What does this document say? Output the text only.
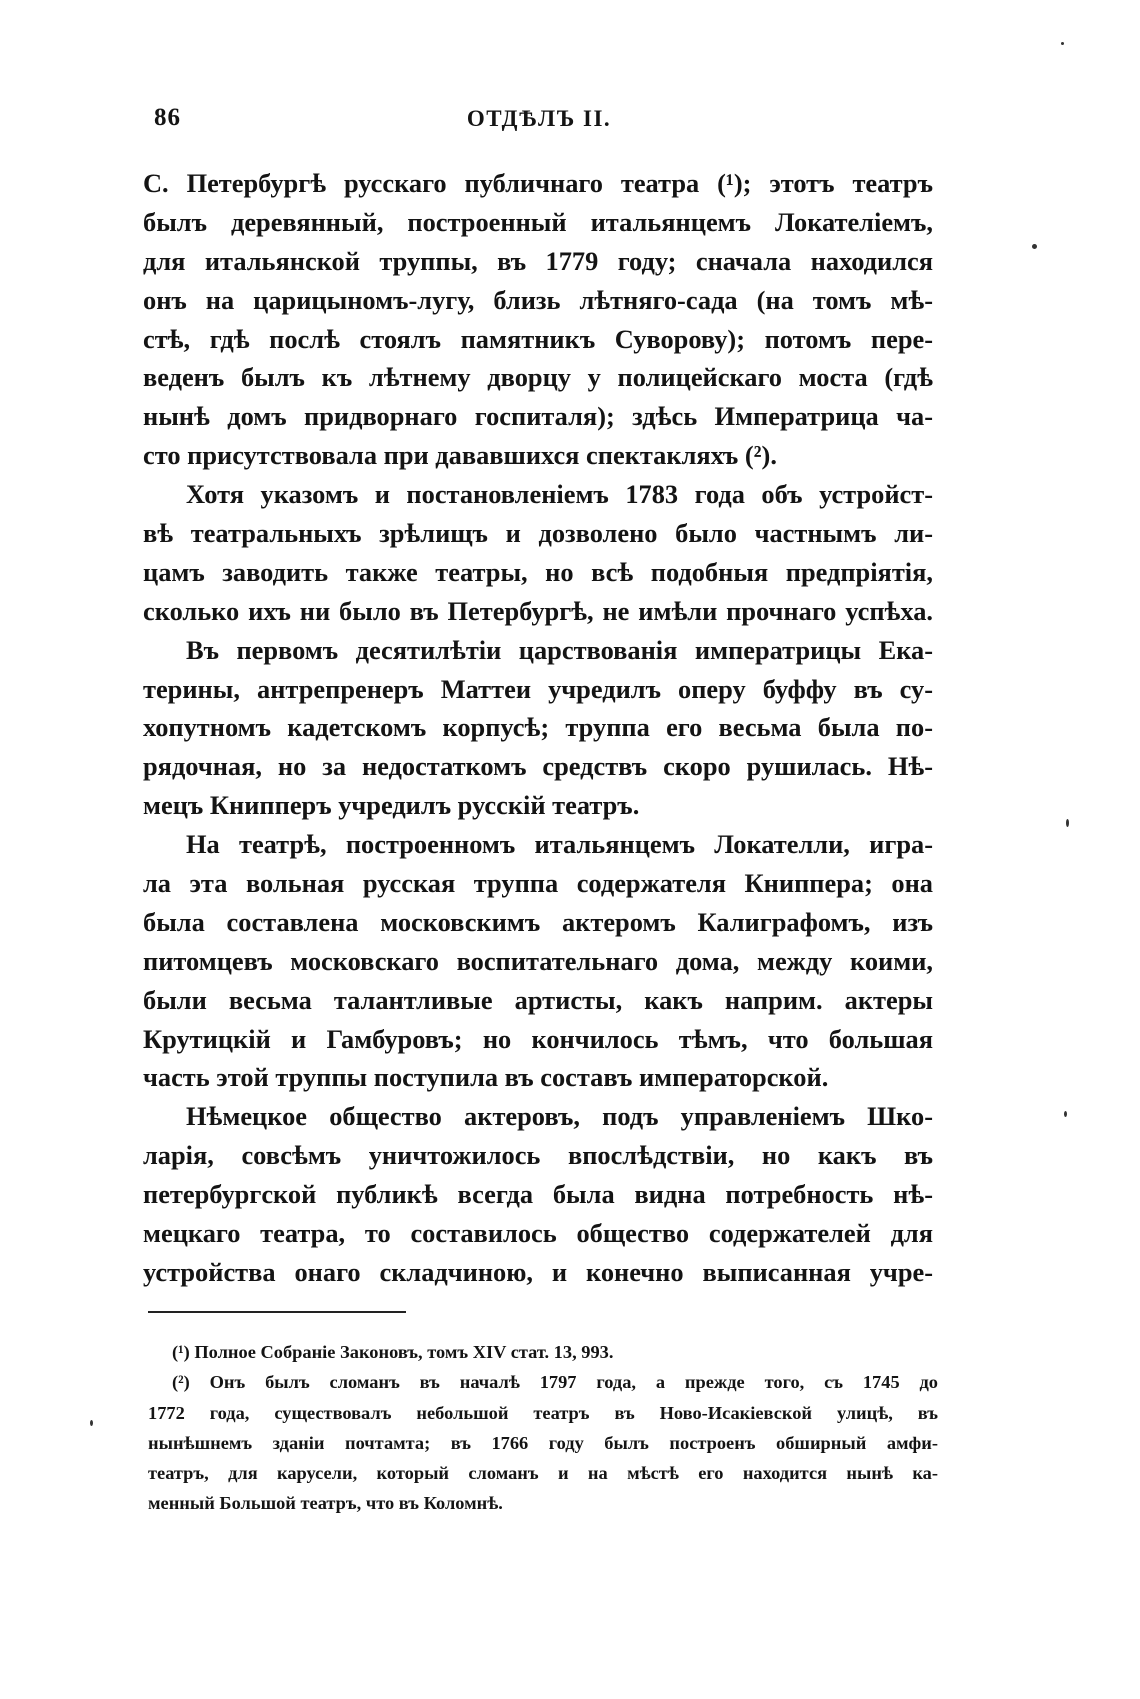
86	ОТДѢЛЪ II.
С. Петербургѣ русскаго публичнаго театра (¹); этотъ театръ
былъ деревянный, построенный итальянцемъ Локателіемъ,
для итальянской труппы, въ 1779 году; сначала находился
онъ на царицыномъ-лугу, близь лѣтняго-сада (на томъ мѣ-
стѣ, гдѣ послѣ стоялъ памятникъ Суворову); потомъ пере-
веденъ былъ къ лѣтнему дворцу у полицейскаго моста (гдѣ
нынѣ домъ придворнаго госпиталя); здѣсь Императрица ча-
сто присутствовала при дававшихся спектакляхъ (²).
Хотя указомъ и постановленіемъ 1783 года объ устройст-
вѣ театральныхъ зрѣлищъ и дозволено было частнымъ ли-
цамъ заводить также театры, но всѣ подобныя предпріятія,
сколько ихъ ни было въ Петербургѣ, не имѣли прочнаго успѣха.
Въ первомъ десятилѣтіи царствованія императрицы Ека-
терины, антрепренеръ Маттеи учредилъ оперу буффу въ су-
хопутномъ кадетскомъ корпусѣ; труппа его весьма была по-
рядочная, но за недостаткомъ средствъ скоро рушилась. Нѣ-
мецъ Книпперъ учредилъ русскій театръ.
На театрѣ, построенномъ итальянцемъ Локателли, игра-
ла эта вольная русская труппа содержателя Книппера; она
была составлена московскимъ актеромъ Калиграфомъ, изъ
питомцевъ московскаго воспитательнаго дома, между коими,
были весьма талантливые артисты, какъ наприм. актеры
Крутицкій и Гамбуровъ; но кончилось тѣмъ, что большая
часть этой труппы поступила въ составъ императорской.
Нѣмецкое общество актеровъ, подъ управленіемъ Шко-
ларія, совсѣмъ уничтожилось впослѣдствіи, но какъ въ
петербургской публикѣ всегда была видна потребность нѣ-
мецкаго театра, то составилось общество содержателей для
устройства онаго складчиною, и конечно выписанная учре-
(¹) Полное Собраніе Законовъ, томъ XIV стат. 13, 993.
(²) Онъ былъ сломанъ въ началѣ 1797 года, а прежде того, съ 1745 до
1772 года, существовалъ небольшой театръ въ Ново-Исакіевской улицѣ, въ
нынѣшнемъ зданіи почтамта; въ 1766 году былъ построенъ обширный амфи-
театръ, для карусели, который сломанъ и на мѣстѣ его находится нынѣ ка-
менный Большой театръ, что въ Коломнѣ.
